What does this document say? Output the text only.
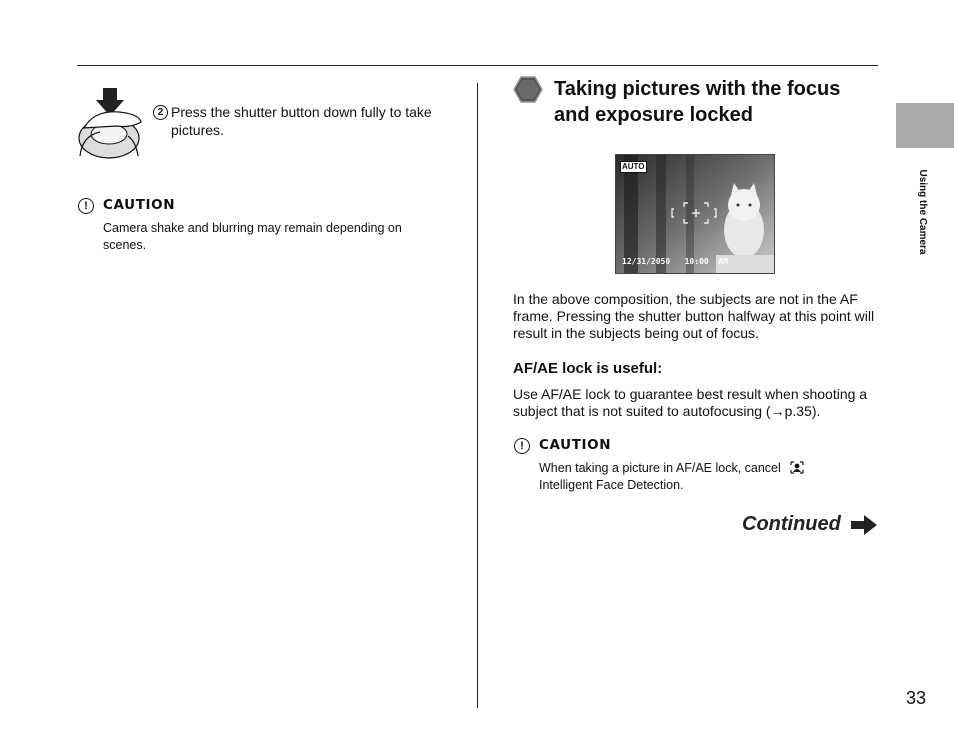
2 Press the shutter button down fully to take pictures.
!	CAUTION
Camera shake and blurring may remain depending on scenes.
Taking pictures with the focus and exposure locked
AUTO
12/31/2050   10:00  AM
In the above composition, the subjects are not in the AF frame. Pressing the shutter button halfway at this point will result in the subjects being out of focus.
AF/AE lock is useful:
Use AF/AE lock to guarantee best result when shooting a subject that is not suited to autofocusing (→p.35).
!	CAUTION
When taking a picture in AF/AE lock, cancel
Intelligent Face Detection.
Continued
Using the Camera
33
